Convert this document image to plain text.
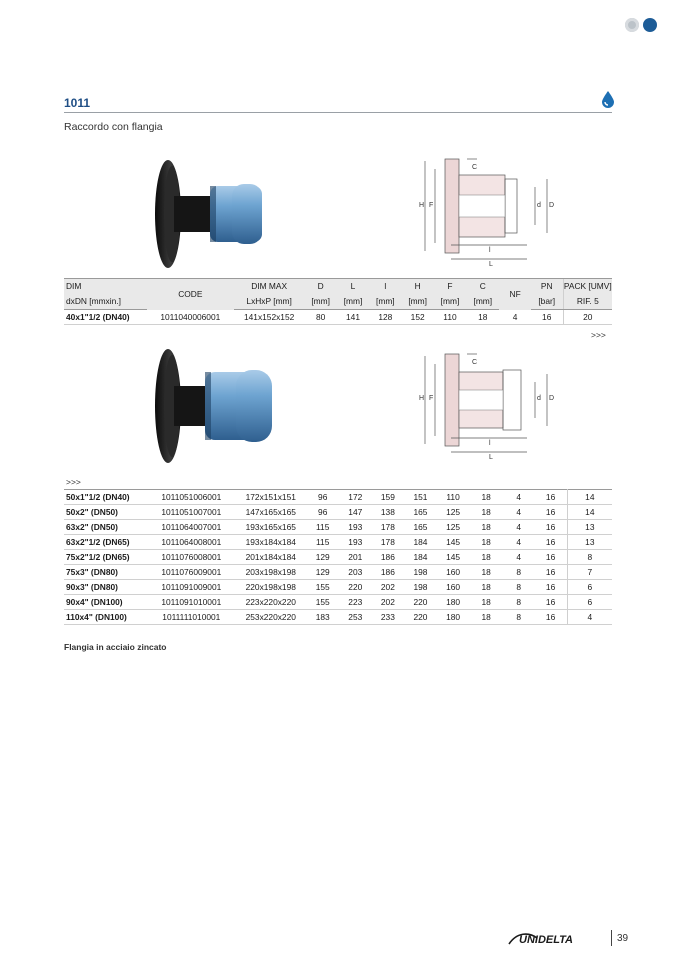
1011
Raccordo con flangia
C
H F	d D
l
L
DIM	CODE	DIM MAX	D	L	l	H	F	C	NF	PN	PACK [UMV]
dxDN [mmxin.]		LxHxP [mm]	[mm]	[mm]	[mm]	[mm]	[mm]	[mm]		[bar]	RIF. 5
40x1"1/2 (DN40)	1011040006001	141x152x152	80	141	128	152	110	18	4	16	20
>>>
C
H F	d D
l
L
>>>
50x1"1/2 (DN40)	1011051006001	172x151x151	96	172	159	151	110	18	4	16	14
50x2" (DN50)	1011051007001	147x165x165	96	147	138	165	125	18	4	16	14
63x2" (DN50)	1011064007001	193x165x165	115	193	178	165	125	18	4	16	13
63x2"1/2 (DN65)	1011064008001	193x184x184	115	193	178	184	145	18	4	16	13
75x2"1/2 (DN65)	1011076008001	201x184x184	129	201	186	184	145	18	4	16	8
75x3" (DN80)	1011076009001	203x198x198	129	203	186	198	160	18	8	16	7
90x3" (DN80)	1011091009001	220x198x198	155	220	202	198	160	18	8	16	6
90x4" (DN100)	1011091010001	223x220x220	155	223	202	220	180	18	8	16	6
110x4" (DN100)	1011111010001	253x220x220	183	253	233	220	180	18	8	16	4
Flangia in acciaio zincato
UNIDELTA	39
